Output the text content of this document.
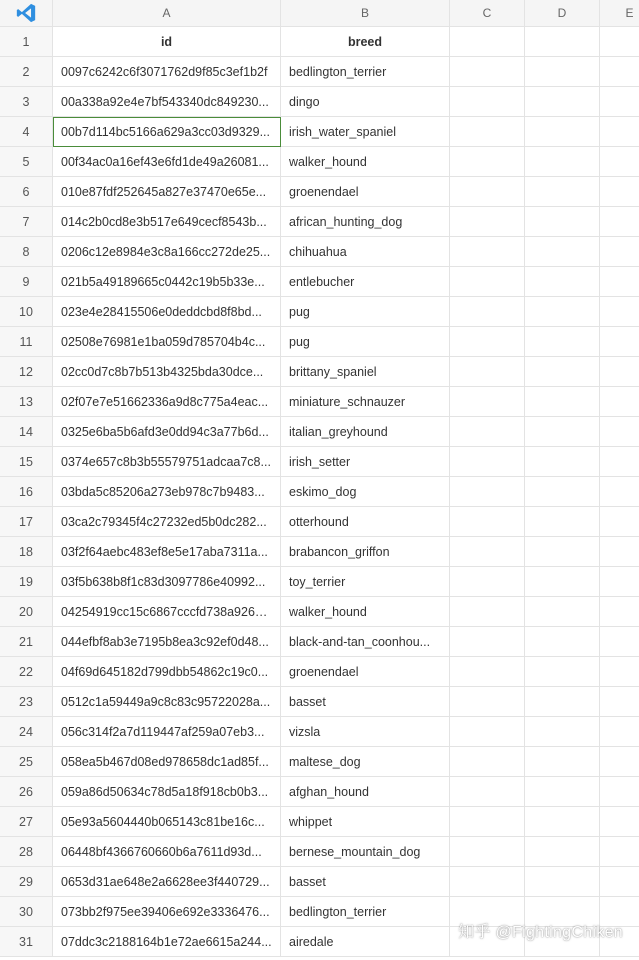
A	B	C	D	E
1	id	breed
2	0097c6242c6f3071762d9f85c3ef1b2f	bedlington_terrier
3	00a338a92e4e7bf543340dc849230...	dingo
4	00b7d114bc5166a629a3cc03d9329...	irish_water_spaniel
5	00f34ac0a16ef43e6fd1de49a26081...	walker_hound
6	010e87fdf252645a827e37470e65e...	groenendael
7	014c2b0cd8e3b517e649cecf8543b...	african_hunting_dog
8	0206c12e8984e3c8a166cc272de25...	chihuahua
9	021b5a49189665c0442c19b5b33e...	entlebucher
10	023e4e28415506e0deddcbd8f8bd...	pug
11	02508e76981e1ba059d785704b4c...	pug
12	02cc0d7c8b7b513b4325bda30dce...	brittany_spaniel
13	02f07e7e51662336a9d8c775a4eac...	miniature_schnauzer
14	0325e6ba5b6afd3e0dd94c3a77b6d...	italian_greyhound
15	0374e657c8b3b55579751adcaa7c8...	irish_setter
16	03bda5c85206a273eb978c7b9483...	eskimo_dog
17	03ca2c79345f4c27232ed5b0dc282...	otterhound
18	03f2f64aebc483ef8e5e17aba7311a...	brabancon_griffon
19	03f5b638b8f1c83d3097786e40992...	toy_terrier
20	04254919cc15c6867cccfd738a9269...	walker_hound
21	044efbf8ab3e7195b8ea3c92ef0d48...	black-and-tan_coonhou...
22	04f69d645182d799dbb54862c19c0...	groenendael
23	0512c1a59449a9c8c83c95722028a...	basset
24	056c314f2a7d119447af259a07eb3...	vizsla
25	058ea5b467d08ed978658dc1ad85f...	maltese_dog
26	059a86d50634c78d5a18f918cb0b3...	afghan_hound
27	05e93a5604440b065143c81be16c...	whippet
28	06448bf4366760660b6a7611d93d...	bernese_mountain_dog
29	0653d31ae648e2a6628ee3f440729...	basset
30	073bb2f975ee39406e692e3336476...	bedlington_terrier
31	07ddc3c2188164b1e72ae6615a244...	airedale
知乎 @FightingChiken
